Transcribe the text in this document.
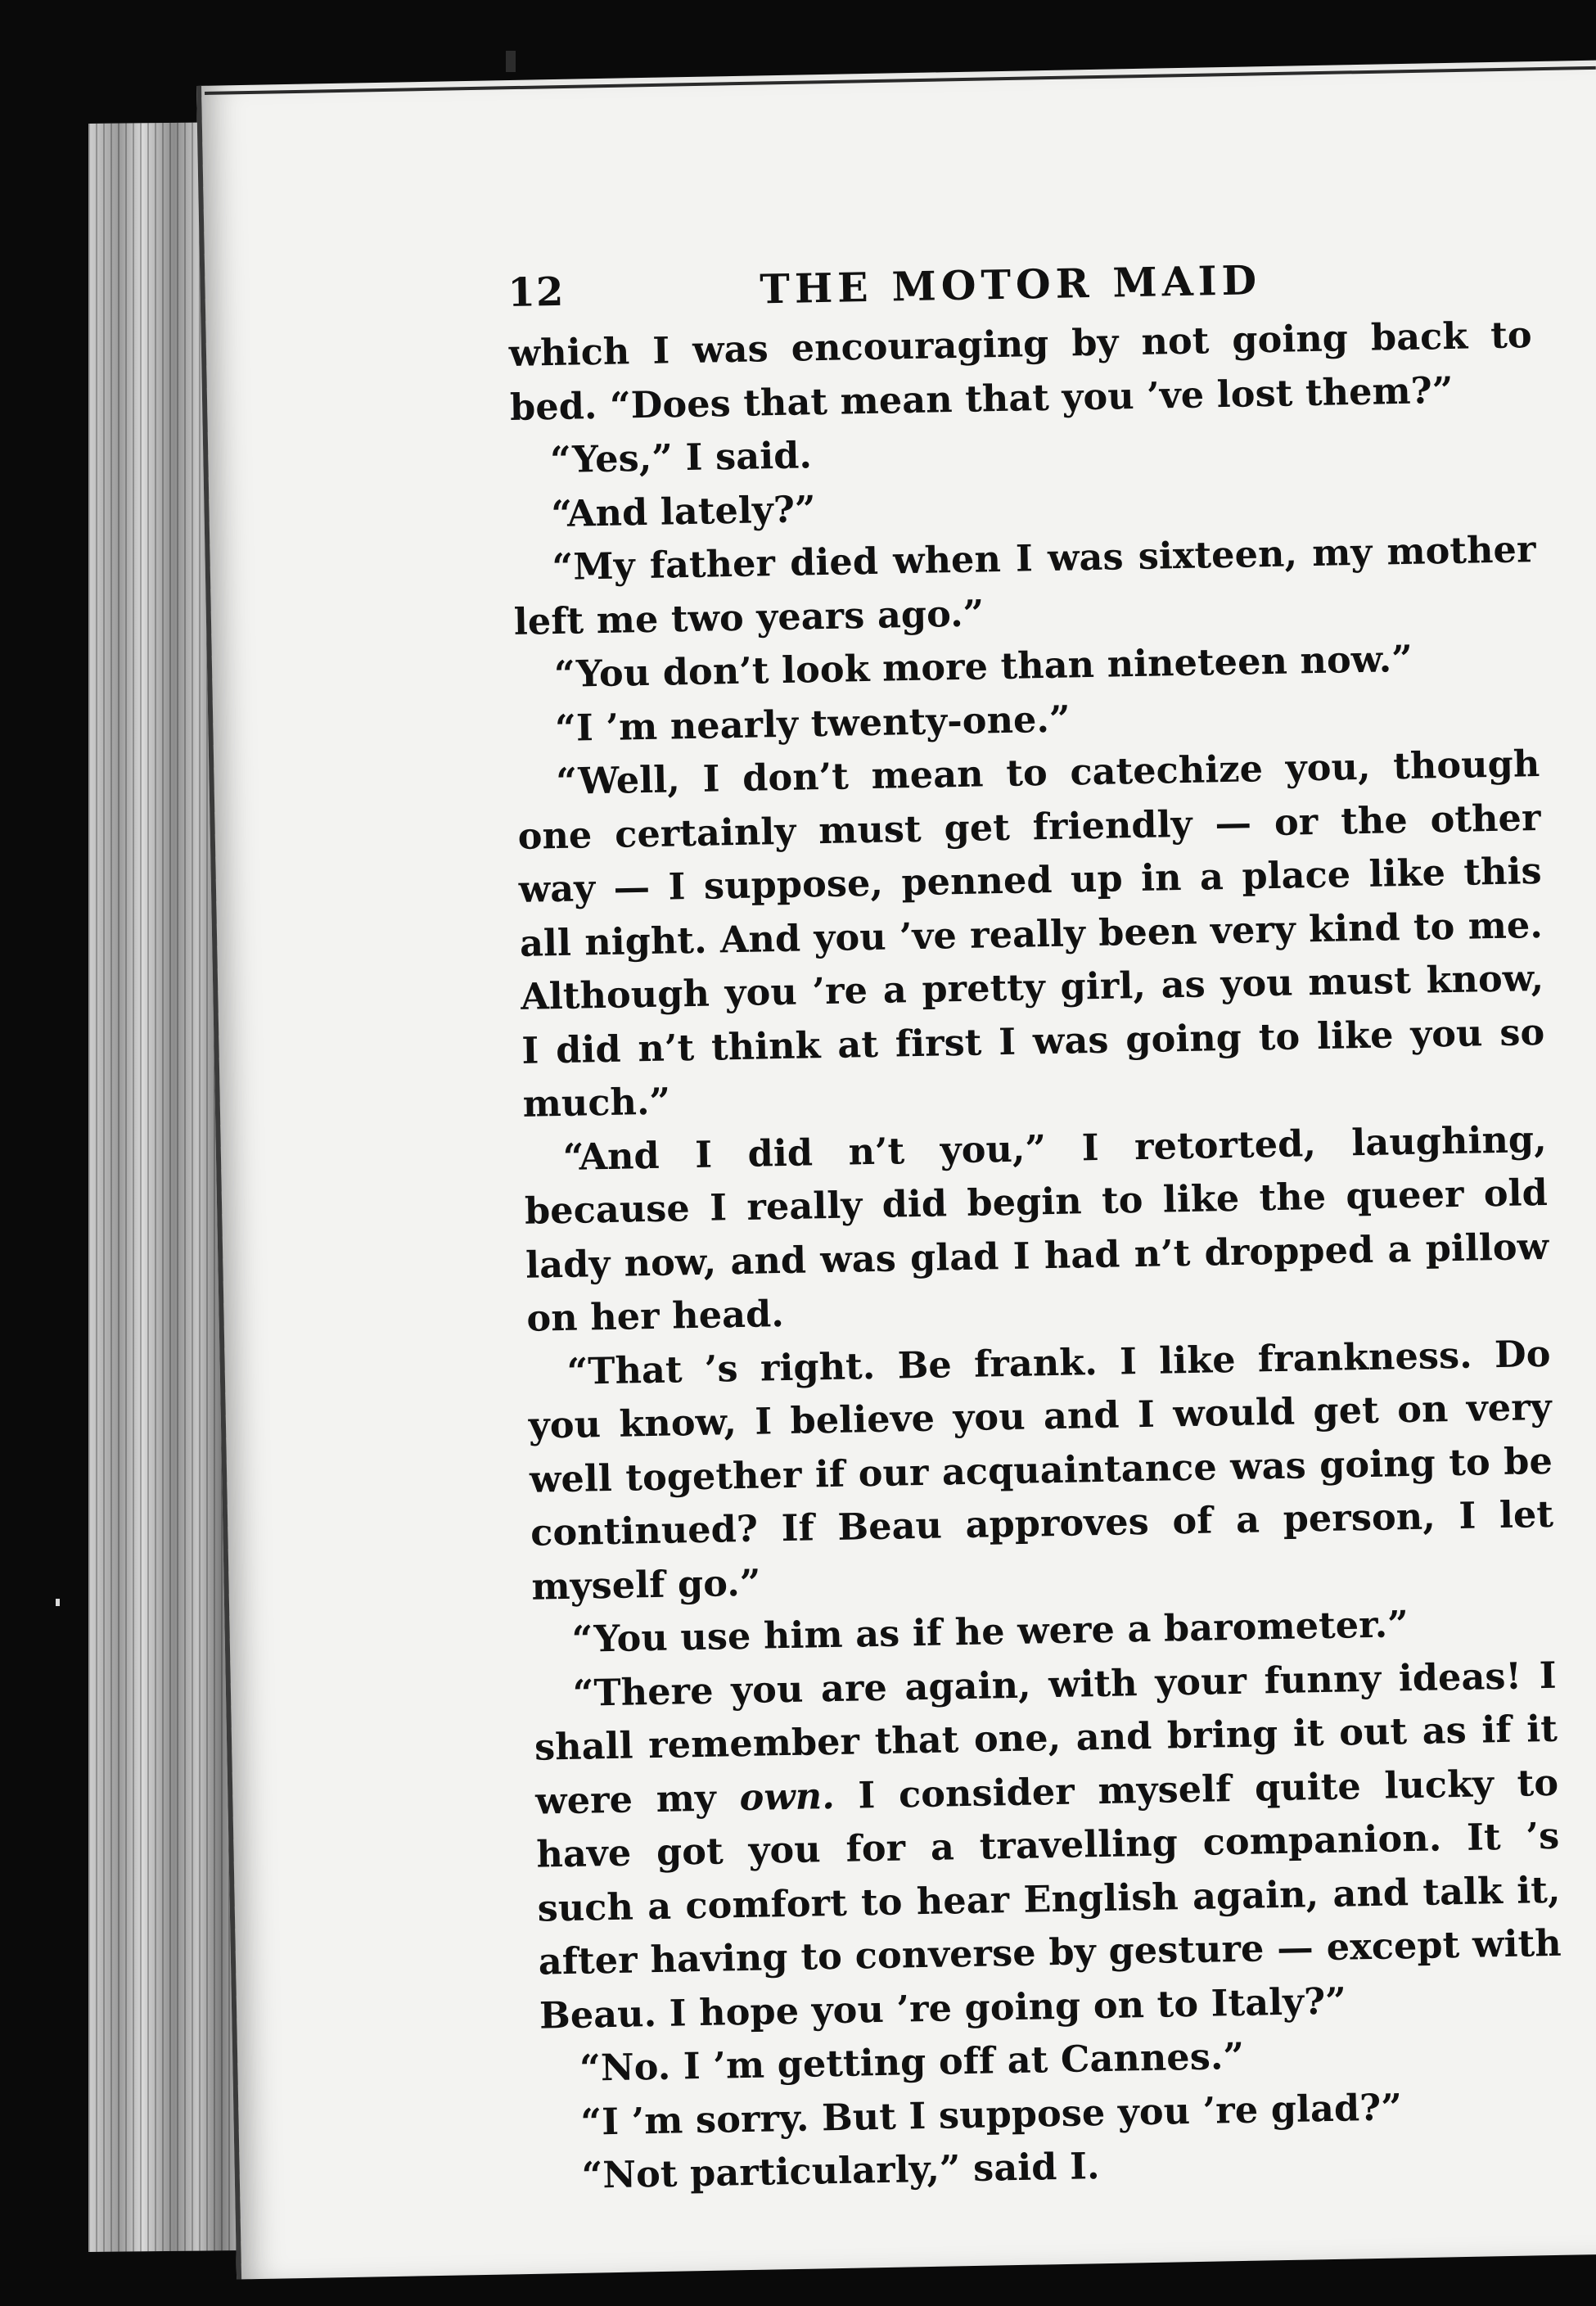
12	THE MOTOR MAID

which I was encouraging by not going back to bed. “Does that mean that you ’ve lost them?”

“Yes,” I said.

“And lately?”

“My father died when I was sixteen, my mother left me two years ago.”

“You don’t look more than nineteen now.”

“I ’m nearly twenty-one.”

“Well, I don’t mean to catechize you, though one certainly must get friendly — or the other way — I suppose, penned up in a place like this all night. And you ’ve really been very kind to me. Although you ’re a pretty girl, as you must know, I did n’t think at first I was going to like you so much.”

“And I did n’t you,” I retorted, laughing, because I really did begin to like the queer old lady now, and was glad I had n’t dropped a pillow on her head.

“That ’s right. Be frank. I like frankness. Do you know, I believe you and I would get on very well together if our acquaintance was going to be continued? If Beau approves of a person, I let myself go.”

“You use him as if he were a barometer.”

“There you are again, with your funny ideas! I shall remember that one, and bring it out as if it were my own. I consider myself quite lucky to have got you for a travelling companion. It ’s such a comfort to hear English again, and talk it, after having to converse by gesture — except with Beau. I hope you ’re going on to Italy?”

“No. I ’m getting off at Cannes.”

“I ’m sorry. But I suppose you ’re glad?”

“Not particularly,” said I.
